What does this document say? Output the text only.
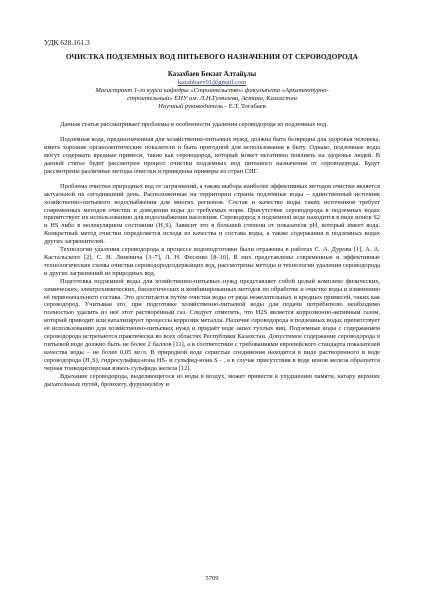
УДК 628.161.3
ОЧИСТКА ПОДЗЕМНЫХ ВОД ПИТЬЕВОГО НАЗНАЧЕНИЯ ОТ СЕРОВОДОРОДА
Казахбаев Бекзат Алтайұлы
kazahbaev01@gmail.com
Магистрант 1-го курса кафедры «Строительство» факультета «Архитектурно-
строительный» ЕНУ им. Л.Н.Гумилева, Астана, Казахстан
Научный руководитель - Е.Т. Тогабаев

Данная статья рассматривает проблемы и особенности удаления сероводорода из подземных вод.

Подземная вода, предназначенная для хозяйственно-питьевых нужд, должна быть безвредна для здоровья человека, иметь хорошие органолептические показатели и быть пригодной для использования в быту. Однако, подземные воды могут содержать вредные примеси, такие как сероводород, который может негативно повлиять на здоровье людей. В данной статье будет рассмотрен процесс очистки подземных вод питьевого назначения от сероводорода. Будут рассмотрены различные методы очистки и приведены примеры из стран СНГ.

Проблема очистки природных вод от загрязнений, а также выбора наиболее эффективных методов очистки является актуальной на сегодняшний день. Расположенные на территории страны подземные воды – единственный источник хозяйственно-питьевого водоснабжения для многих регионов. Состав и качество воды таких источников требует современных методов очистки и доведения воды до требуемых норм. Присутствие сероводорода в подземных водах препятствует их использованию для водоснабжения населения. Сероводород в подземной воде находится в виде ионов S2 и HS либо в молекулярном состоянии (H₂S). Зависит это в большей степени от показателя pH, который имеет вода. Конкретный метод очистки определяется исходя из качества и состава воды, а также содержания в подземных водах других загрязнителей.

Технологии удаления сероводорода в процессе водоподготовки были отражены в работах С. А. Дурова [1], А. А. Кастальского [2], С. Н. Линевича [3–7], Л. Н. Фесенко [8–10]. В них представлены современные и эффективные технологические схемы очистки сероводородсодержащих вод, рассмотрены методы и технологии удаления сероводорода и других загрязнений из природных вод.

Подготовка подземной воды для хозяйственно-питьевых нужд представляет собой целый комплекс физических, химических, электрохимических, биологических и комбинированных методов по обработке и очистке воды и изменению её первоначального состава. Это достигается путём очистки воды от ряда нежелательных и вредных примесей, таких как сероводород. Учитывая это, при подготовке хозяйственно-питьевой воды для подачи потребителю необходимо полностью удалить из неё этот растворённый газ. Следует отметить, что H2S является коррозионно-активным газом, который приводит или катализирует процессы коррозии металла. Наличие сероводорода в подземных водах препятствует её использованию для хозяйственно-питьевых нужд и придаёт воде запах тухлых яиц. Подземные воды с содержанием сероводорода встречаются практически во всех областях Республики Казахстан. Допустимое содержание сероводорода в питьевой воде должно быть не более 2 баллов [11], а в соответствии с требованиями европейского стандарта показателей качества воды – не более 0,05 мг/л. В природной воде серистые соединения находятся в виде растворенного в воде сероводорода (H₂S), гидросульфид-иона HS- и сульфид-иона S - , а в случае присутствия в воде ионов железа образуется черная тонкодисперсная взвесь сульфида железа [12].

Вдыхание сероводорода, выделяющегося из воды в воздух, может привести к ухудшению памяти, катару верхних дыхательных путей, бронхиту, фурункулёзу и

5709
